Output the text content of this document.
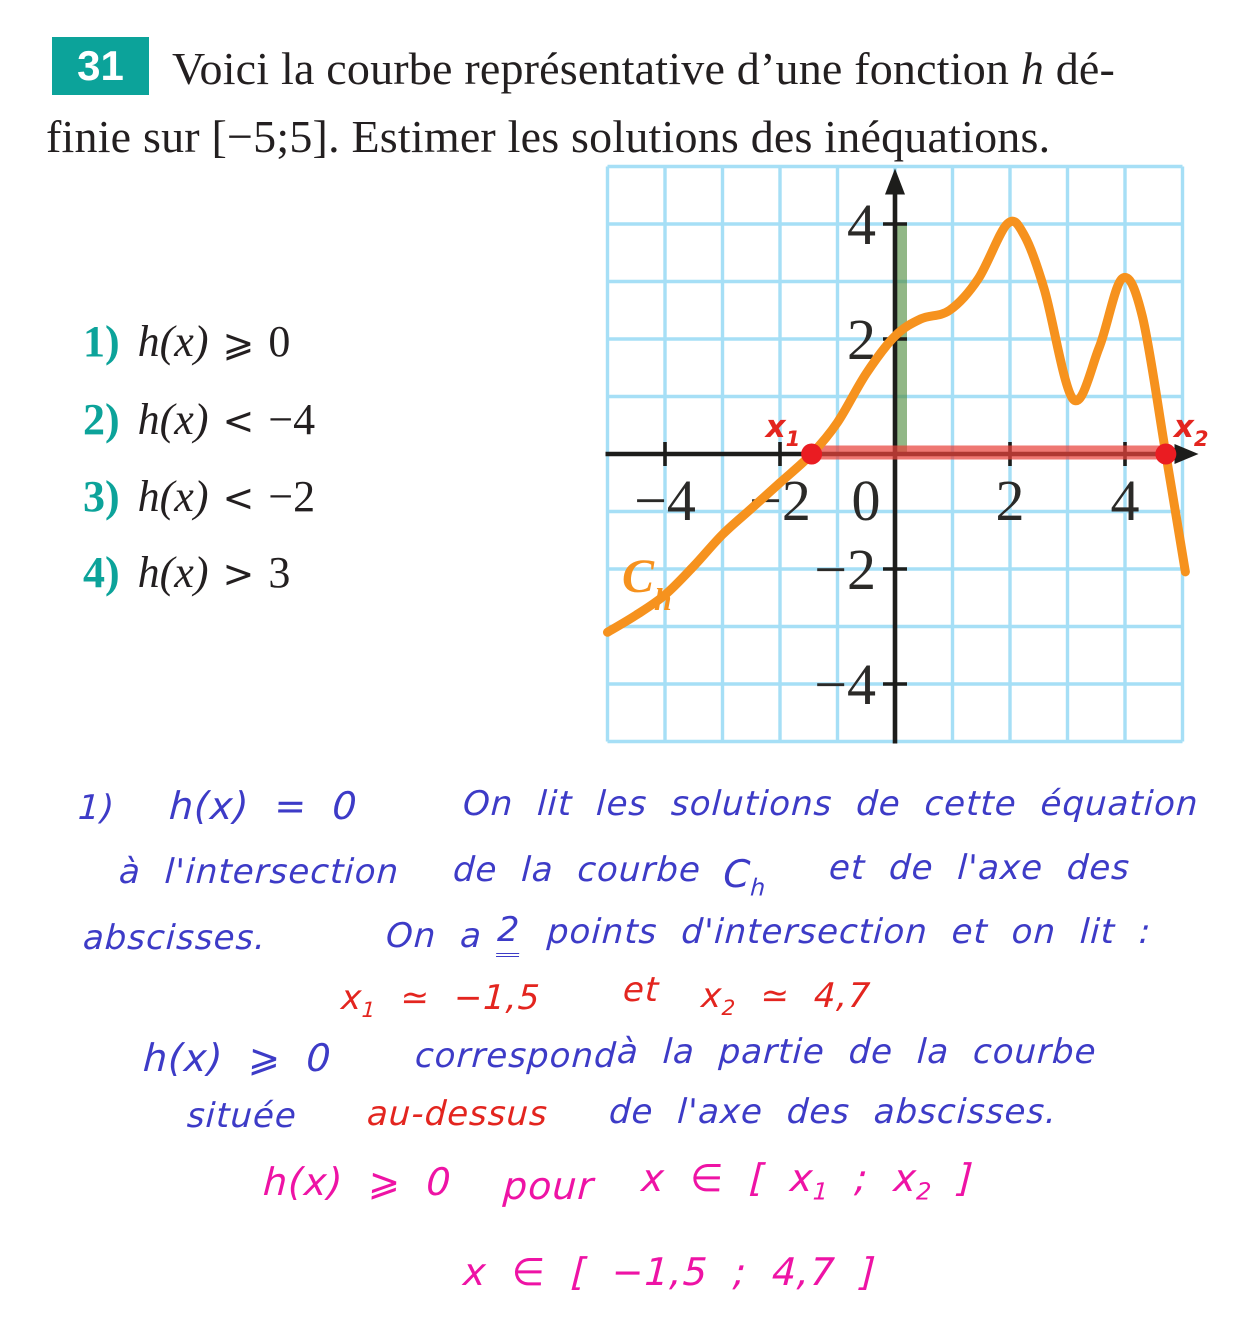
31 Voici la courbe représentative d’une fonction h dé-
finie sur [−5;5]. Estimer les solutions des inéquations.
1) h(x) ⩾ 0
2) h(x) < −4
3) h(x) < −2
4) h(x) > 3
−4 −2	2 4
0
4
2
−2
−4
$C_h$
$x_1$	$x_2$
1) h(x) = 0	On lit les solutions de cette équation
à l'intersection de la courbe $C_h$ et de l'axe des
abscisses.	On a 2 points d'intersection et on lit :
$x_1$ ≃ −1,5 et $x_2$ ≃ 4,7
h(x) ⩾ 0 correspond
à la partie de la courbe
située au-dessus de l'axe des abscisses.
h(x) ⩾ 0 pour x ∈ [ $x_1$ ; $x_2$ ]
x ∈ [ −1,5 ; 4,7 ]
